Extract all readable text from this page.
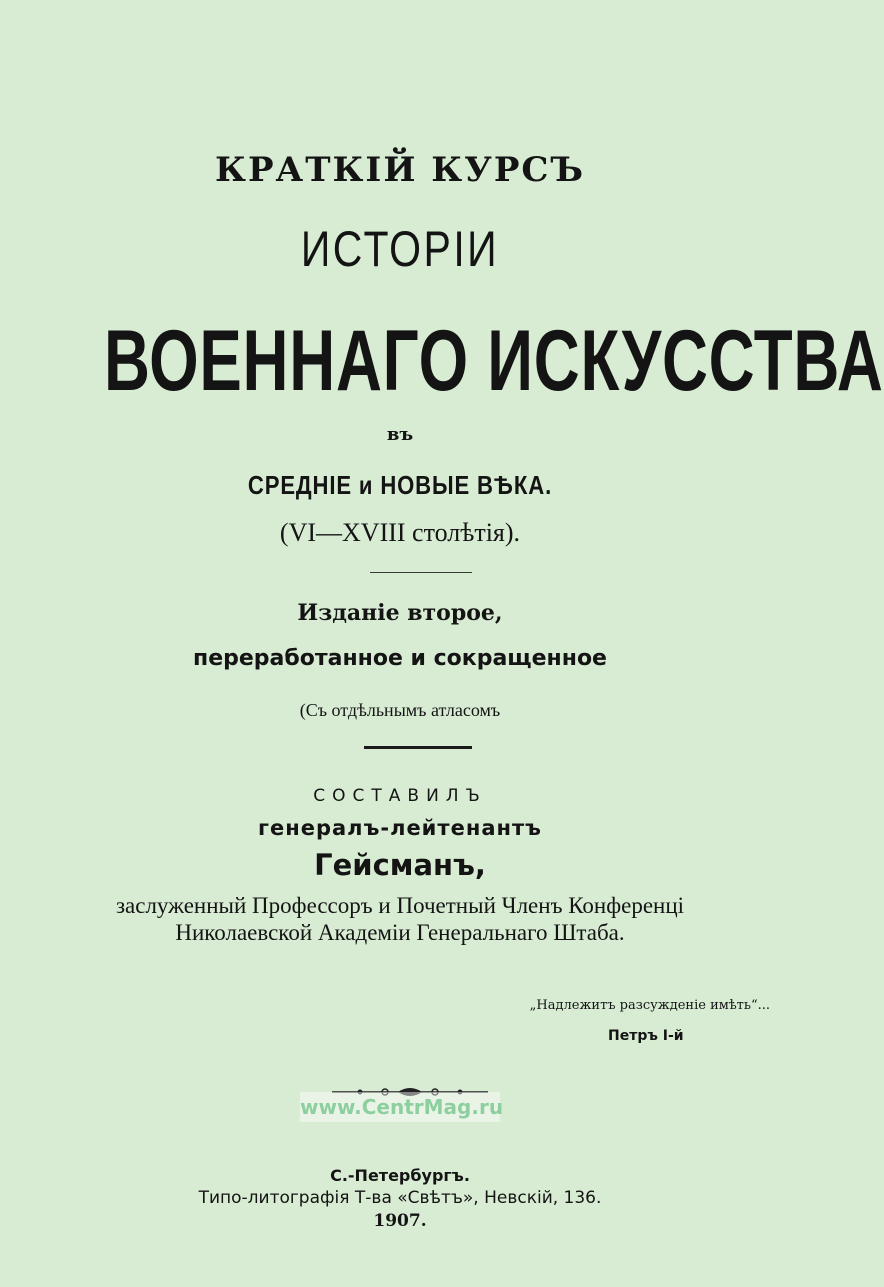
КРАТКІЙ КУРСЪ
ИСТОРІИ
ВОЕННАГО ИСКУССТВА
въ
СРЕДНІЕ и НОВЫЕ ВѢКА.
(VI—XVIII столѣтія).
Изданіе второе,
переработанное и сокращенное
(Съ отдѣльнымъ атласомъ
СОСТАВИЛЪ
генералъ-лейтенантъ
Гейсманъ,
заслуженный Профессоръ и Почетный Членъ Конференці
Николаевской Академіи Генеральнаго Штаба.
„Надлежитъ разсужденіе имѣть“...
Петръ I-й
www.CentrMag.ru
С.-Петербургъ.
Типо-литографія Т-ва «Свѣтъ», Невскій, 136.
1907.
